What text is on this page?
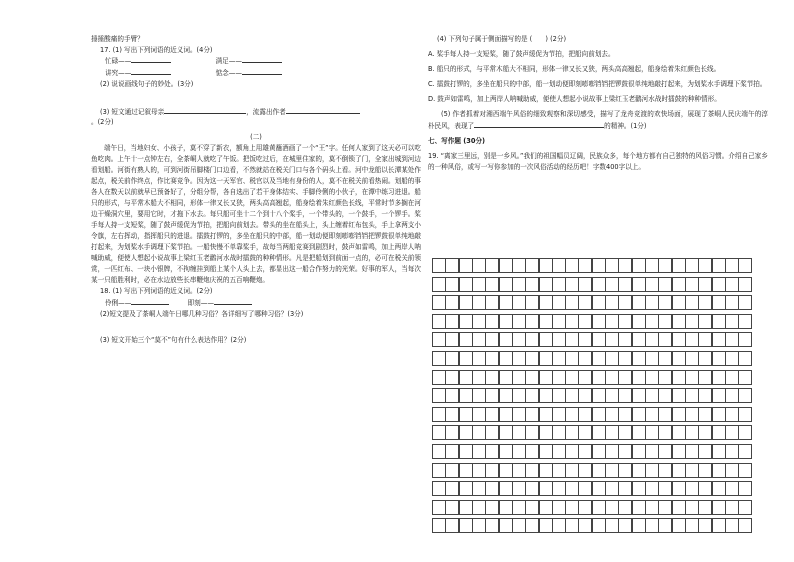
捶捶酸痛的手臂？
17. (1) 写出下列词语的近义词。(4分)
忙碌——	满足——
讲究——	惦念——
(2) 说说画线句子的妙处。(3分)
(3) 短文通过记叙母亲	，流露出作者
。(2分)
(二)
端午日，当地妇女、小孩子，莫不穿了新衣，额角上用雄黄蘸酒画了一个“王”字。任何人家到了这天必可以吃鱼吃肉。上午十一点钟左右，全茶峒人就吃了午饭。把饭吃过后，在城里住家的，莫不倒锁了门，全家出城到河边看划船。河街有熟人的，可到河街吊脚楼门口边看，不然就站在税关门口与各个码头上看。河中龙船以长潭某处作起点，税关前作终点，作比赛竞争。因为这一天军官、税官以及当地有身份的人，莫不在税关前看热闹。划船的事各人在数天以前就早已预备好了，分组分帮，各自选出了若干身体结实、手脚伶俐的小伙子，在潭中练习进退。船只的形式，与平常木船大不相同，形体一律又长又狭，两头高高翘起，船身绘着朱红颜色长线，平常时节多搁在河边干燥洞穴里，要用它时，才拖下水去。每只船可坐十二个到十八个桨手，一个带头的，一个鼓手，一个锣手。桨手每人持一支短桨，随了鼓声缓促为节拍，把船向前划去。带头的坐在船头上，头上缠着红布包头，手上拿两支小令旗，左右挥动，指挥船只的进退。擂鼓打锣的，多坐在船只的中部，船一划动便即刻嘭嘭铛铛把锣鼓很单纯地敲打起来，为划桨水手调理下桨节拍。一船快慢不单靠桨手，故每当两船竞赛到剧烈时，鼓声如雷鸣，加上两岸人呐喊助威，便使人想起小说故事上梁红玉老鹳河水战时擂鼓的种种情形。凡是把船划到前面一点的，必可在税关前领赏，一匹红布、一块小银牌，不拘缠挂到船上某个人头上去，都显出这一船合作努力的光荣。好事的军人，当每次某一只船胜利时，必在水边放些长串鞭炮庆祝的五百响鞭炮。
18. (1) 写出下列词语的近义词。(2分)
伶俐——	即刻——
(2)短文提及了茶峒人端午日哪几种习俗？各详细写了哪种习俗？(3分)
(3) 短文开始三个“莫不”句有什么表达作用？(2分)
(4) 下列句子属于侧面描写的是 (　　) (2分)
A. 桨手每人持一支短桨，随了鼓声缓促为节拍，把船向前划去。
B. 船只的形式，与平常木船大不相同，形体一律又长又狭，两头高高翘起，船身绘着朱红颜色长线。
C. 擂鼓打锣的，多坐在船只的中部，船一划动便即刻嘭嘭铛铛把锣鼓很单纯地敲打起来，为划桨水手调理下桨节拍。
D. 鼓声如雷鸣，加上两岸人呐喊助威，便使人想起小说故事上梁红玉老鹳河水战时擂鼓的种种情形。
(5) 作者抓着对湘西端午风俗的细致观察和深切感受，描写了龙舟竞渡的欢快场面，展现了茶峒人民庆端午的淳朴民风，表现了	的精神。(1分)
七、写作题 (30分)
19. “离家三里远，别是一乡风。”我们的祖国幅员辽阔，民族众多，每个地方都有自己独特的风俗习惯。介绍自己家乡的一种风俗，或写一写你参加的一次风俗活动的经历吧！字数400字以上。
